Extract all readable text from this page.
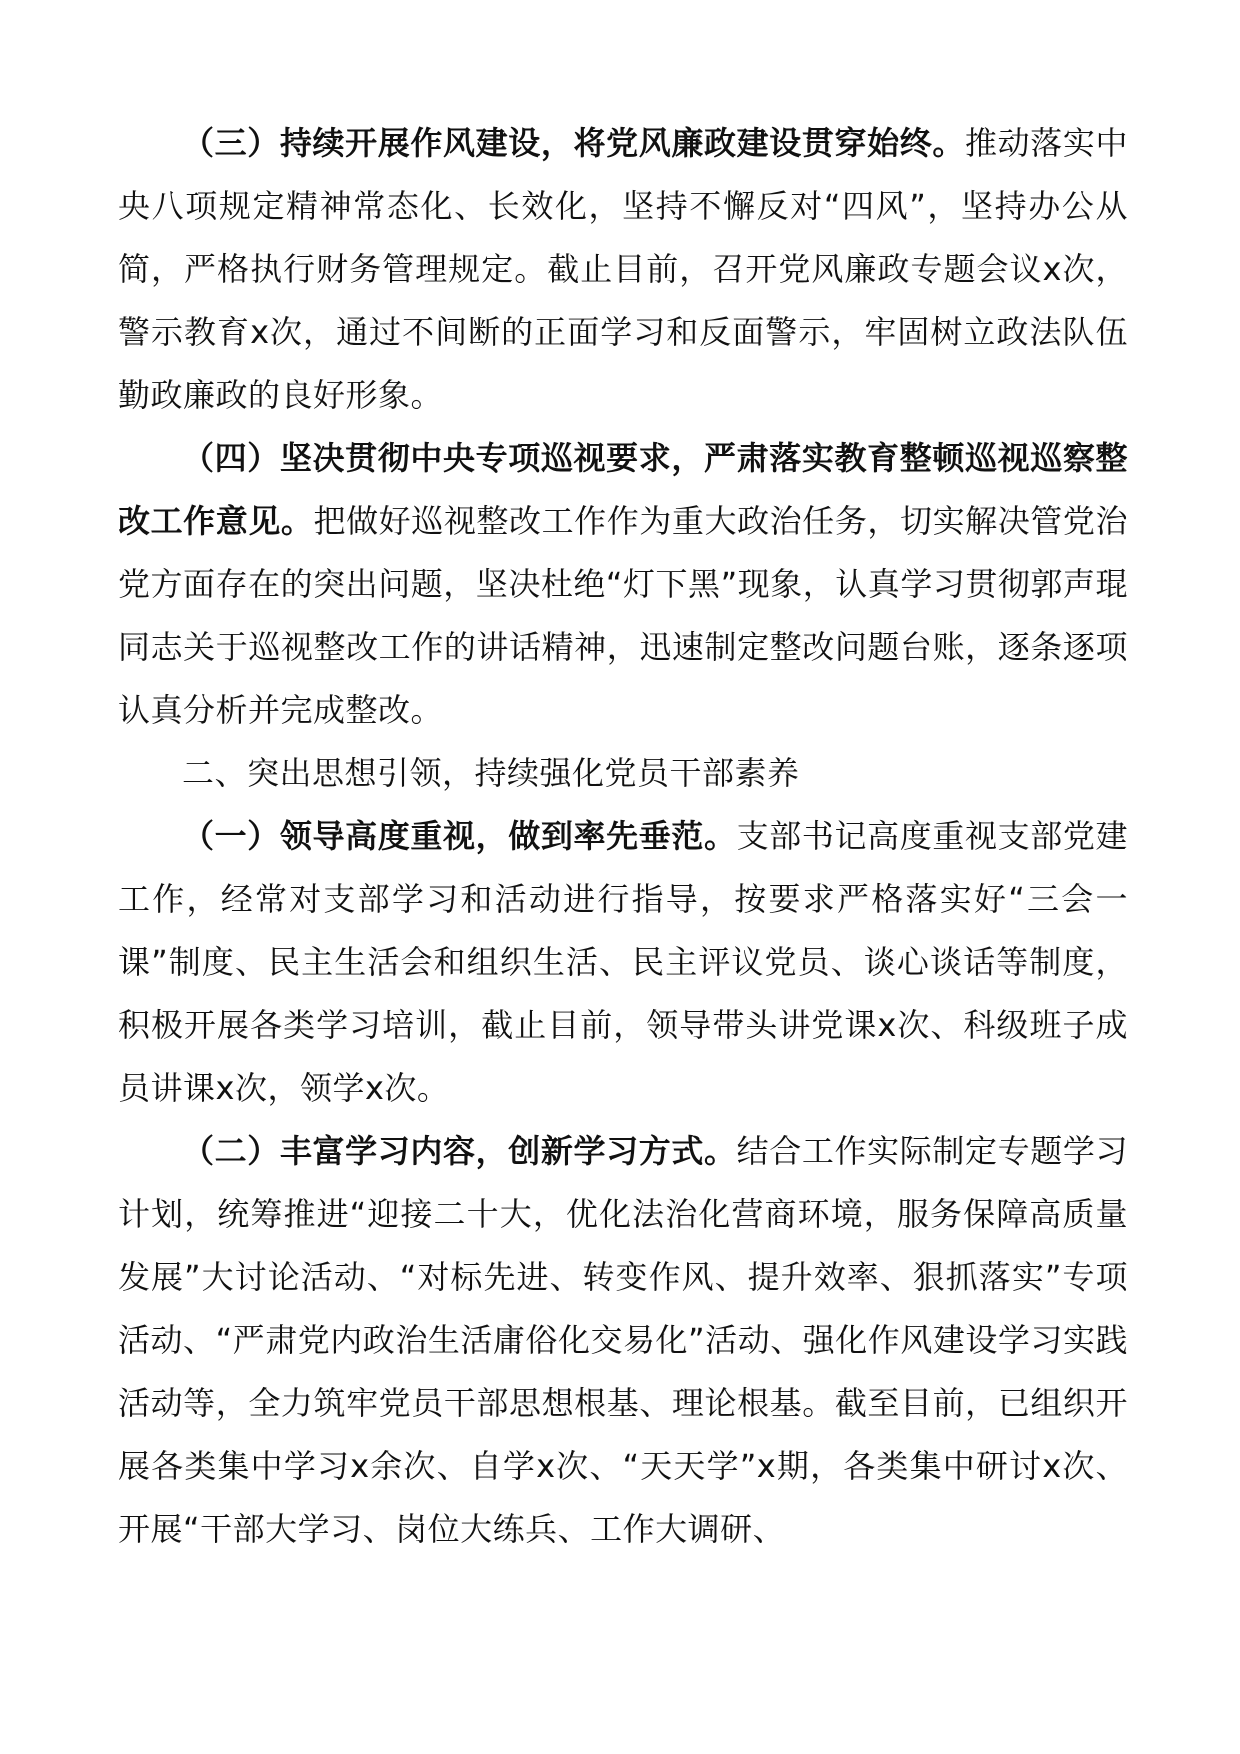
（三）持续开展作风建设，将党风廉政建设贯穿始终。推动落实中央八项规定精神常态化、长效化，坚持不懈反对“四风”，坚持办公从简，严格执行财务管理规定。截止目前，召开党风廉政专题会议x次，警示教育x次，通过不间断的正面学习和反面警示，牢固树立政法队伍勤政廉政的良好形象。

（四）坚决贯彻中央专项巡视要求，严肃落实教育整顿巡视巡察整改工作意见。把做好巡视整改工作作为重大政治任务，切实解决管党治党方面存在的突出问题，坚决杜绝“灯下黑”现象，认真学习贯彻郭声琨同志关于巡视整改工作的讲话精神，迅速制定整改问题台账，逐条逐项认真分析并完成整改。

二、突出思想引领，持续强化党员干部素养

（一）领导高度重视，做到率先垂范。支部书记高度重视支部党建工作，经常对支部学习和活动进行指导，按要求严格落实好“三会一课”制度、民主生活会和组织生活、民主评议党员、谈心谈话等制度，积极开展各类学习培训，截止目前，领导带头讲党课x次、科级班子成员讲课x次，领学x次。

（二）丰富学习内容，创新学习方式。结合工作实际制定专题学习计划，统筹推进“迎接二十大，优化法治化营商环境，服务保障高质量发展”大讨论活动、“对标先进、转变作风、提升效率、狠抓落实”专项活动、“严肃党内政治生活庸俗化交易化”活动、强化作风建设学习实践活动等，全力筑牢党员干部思想根基、理论根基。截至目前，已组织开展各类集中学习x余次、自学x次、“天天学”x期，各类集中研讨x次、开展“干部大学习、岗位大练兵、工作大调研、
